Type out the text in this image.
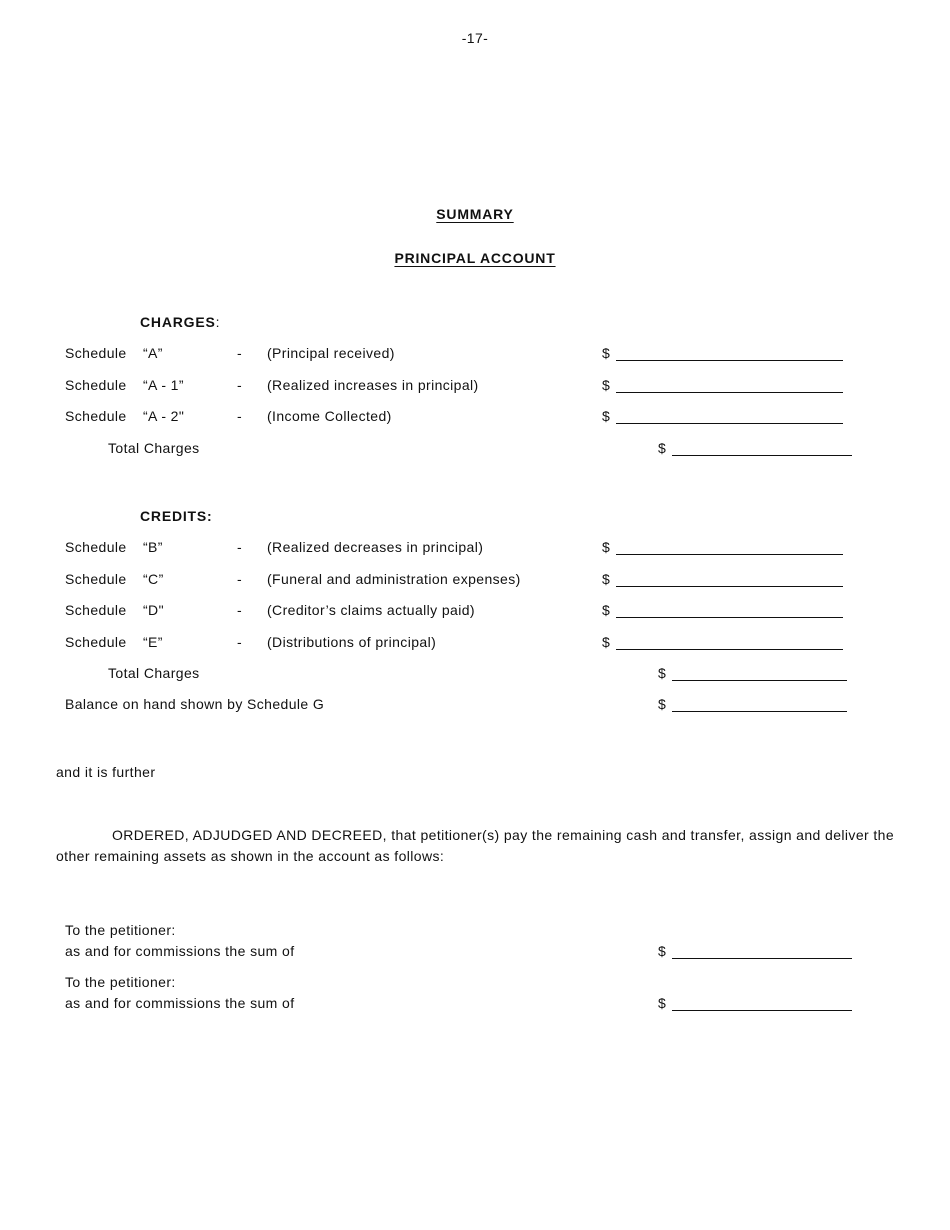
-17-
SUMMARY
PRINCIPAL ACCOUNT
CHARGES:
Schedule “A”	- (Principal received)	$
Schedule “A - 1”	- (Realized increases in principal)	$
Schedule “A - 2"	- (Income Collected)	$
Total Charges	$
CREDITS:
Schedule “B”	- (Realized decreases in principal)	$
Schedule “C”	- (Funeral and administration expenses)	$
Schedule “D"	- (Creditor’s claims actually paid)	$
Schedule “E”	- (Distributions of principal)	$
Total Charges	$
Balance on hand shown by Schedule G	$
and it is further
ORDERED, ADJUDGED AND DECREED, that petitioner(s) pay the remaining cash and transfer, assign and deliver the other remaining assets as shown in the account as follows:
To the petitioner:
as and for commissions the sum of	$
To the petitioner:
as and for commissions the sum of	$
